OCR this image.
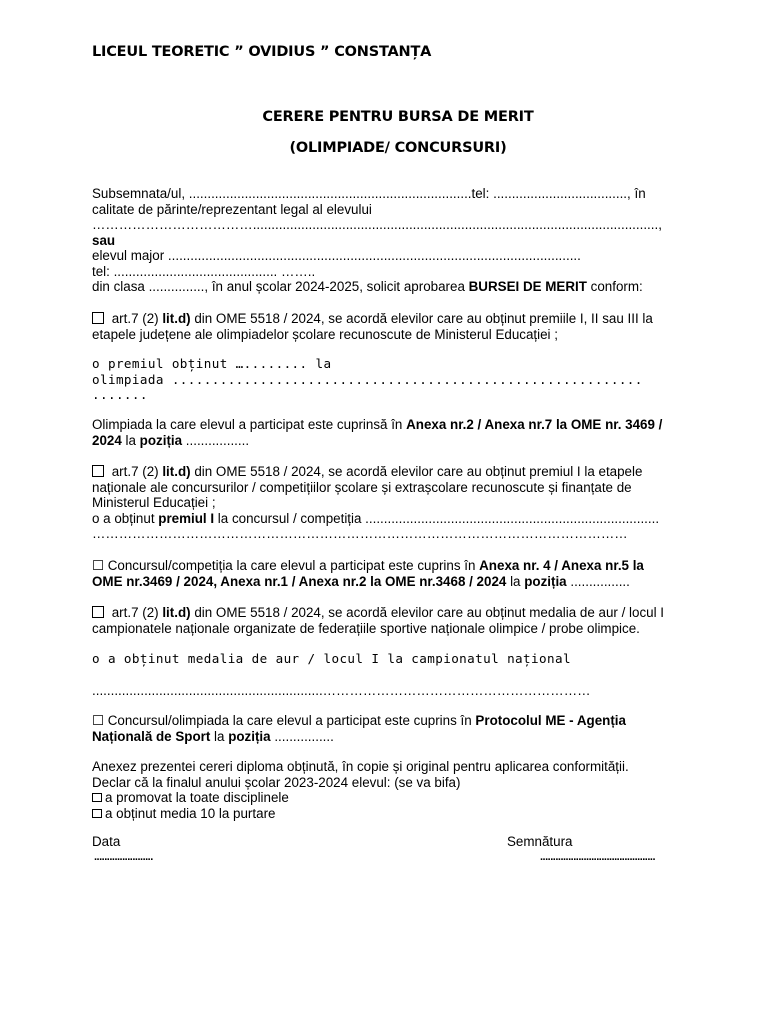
LICEUL TEORETIC ” OVIDIUS ” CONSTANȚA
CERERE PENTRU BURSA DE MERIT
(OLIMPIADE/ CONCURSURI)
Subsemnata/ul, ............................................................................tel: ...................................., în
calitate de părinte/reprezentant legal al elevului
……………………………….............................................................................................................,
sau
elevul major ...............................................................................................................
tel: ............................................ ……..
din clasa ..............., în anul școlar 2024-2025, solicit aprobarea BURSEI DE MERIT conform:
art.7 (2) lit.d) din OME 5518 / 2024, se acordă elevilor care au obținut premiile I, II sau III la
etapele județene ale olimpiadelor școlare recunoscute de Ministerul Educației ;
o premiul obținut …........ la
olimpiada ...........................................................
.......
Olimpiada la care elevul a participat este cuprinsă în Anexa nr.2 / Anexa nr.7 la OME nr. 3469 /
2024 la poziția .................
art.7 (2) lit.d) din OME 5518 / 2024, se acordă elevilor care au obținut premiul I la etapele
naționale ale concursurilor / competițiilor școlare și extrașcolare recunoscute și finanțate de
Ministerul Educației ;
o a obținut premiul I la concursul / competiția ...............................................................................
…………………………………………………………………………………………………………
☐ Concursul/competiția la care elevul a participat este cuprins în Anexa nr. 4 / Anexa nr.5 la
OME nr.3469 / 2024, Anexa nr.1 / Anexa nr.2 la OME nr.3468 / 2024 la poziția ................
art.7 (2) lit.d) din OME 5518 / 2024, se acordă elevilor care au obținut medalia de aur / locul I
campionatele naționale organizate de federațiile sportive naționale olimpice / probe olimpice.
o a obținut medalia de aur / locul I la campionatul național
..............................................................……………………………………………………
☐ Concursul/olimpiada la care elevul a participat este cuprins în Protocolul ME - Agenția
Națională de Sport la poziția ................
Anexez prezentei cereri diploma obținută, în copie și original pentru aplicarea conformității.
Declar că la finalul anului școlar 2023-2024 elevul: (se va bifa)
a promovat la toate disciplinele
a obținut media 10 la purtare
Data	Semnătura
.......................	.............................................
